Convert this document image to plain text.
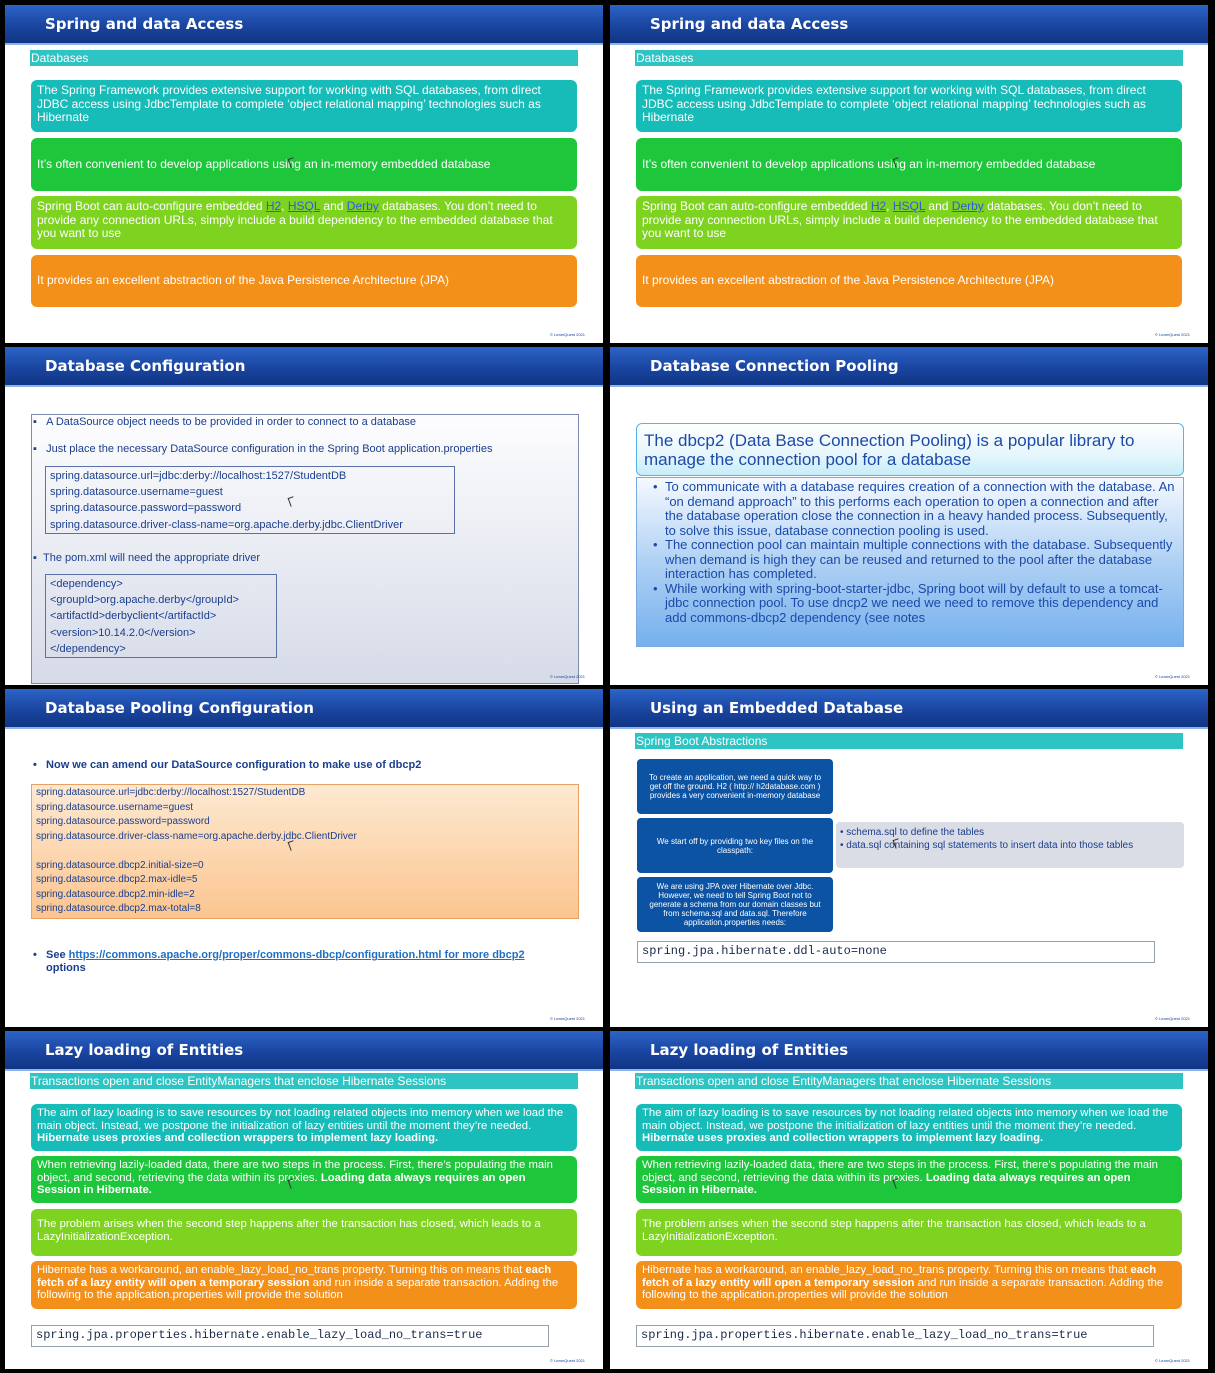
Spring and data Access
Databases
The Spring Framework provides extensive support for working with SQL databases, from direct JDBC access using JdbcTemplate to complete ‘object relational mapping’ technologies such as Hibernate
It’s often convenient to develop applications using an in-memory embedded database
Spring Boot can auto-configure embedded H2, HSQL and Derby databases. You don’t need to provide any connection URLs, simply include a build dependency to the embedded database that you want to use
It provides an excellent abstraction of the Java Persistence Architecture (JPA)
© LearnQuest 2021
Spring and data Access
Databases
The Spring Framework provides extensive support for working with SQL databases, from direct JDBC access using JdbcTemplate to complete ‘object relational mapping’ technologies such as Hibernate
It’s often convenient to develop applications using an in-memory embedded database
Spring Boot can auto-configure embedded H2, HSQL and Derby databases. You don’t need to provide any connection URLs, simply include a build dependency to the embedded database that you want to use
It provides an excellent abstraction of the Java Persistence Architecture (JPA)
© LearnQuest 2021
Database Configuration
▪   A DataSource object needs to be provided in order to connect to a database
▪   Just place the necessary DataSource configuration in the Spring Boot application.properties
spring.datasource.url=jdbc:derby://localhost:1527/StudentDB
spring.datasource.username=guest
spring.datasource.password=password
spring.datasource.driver-class-name=org.apache.derby.jdbc.ClientDriver
▪  The pom.xml will need the appropriate driver
<dependency>
<groupId>org.apache.derby</groupId>
<artifactId>derbyclient</artifactId>
<version>10.14.2.0</version>
</dependency>
© LearnQuest 2021
Database Connection Pooling
The dbcp2 (Data Base Connection Pooling) is a popular library to manage the connection pool for a database

• To communicate with a database requires creation of a connection with the database. An “on demand approach” to this performs each operation to open a connection and after the database operation close the connection in a heavy handed process. Subsequently, to solve this issue, database connection pooling is used.

• The connection pool can maintain multiple connections with the database. Subsequently when demand is high they can be reused and returned to the pool after the database interaction has completed.

• While working with spring-boot-starter-jdbc, Spring boot will by default to use a tomcat-jdbc connection pool. To use dncp2 we need we need to remove this dependency and add commons-dbcp2 dependency (see notes

© LearnQuest 2021
Database Pooling Configuration
•   Now we can amend our DataSource configuration to make use of dbcp2
spring.datasource.url=jdbc:derby://localhost:1527/StudentDB
spring.datasource.username=guest
spring.datasource.password=password
spring.datasource.driver-class-name=org.apache.derby.jdbc.ClientDriver

spring.datasource.dbcp2.initial-size=0
spring.datasource.dbcp2.max-idle=5
spring.datasource.dbcp2.min-idle=2
spring.datasource.dbcp2.max-total=8
•   See https://commons.apache.org/proper/commons-dbcp/configuration.html for more dbcp2
options
© LearnQuest 2021
Using an Embedded Database
Spring Boot Abstractions
To create an application, we need a quick way to get off the ground. H2 ( http:// h2database.com ) provides a very convenient in-memory database
We start off by providing two key files on the classpath:
• schema.sql to define the tables
• data.sql containing sql statements to insert data into those tables
We are using JPA over Hibernate over Jdbc. However, we need to tell Spring Boot not to generate a schema from our domain classes but from schema.sql and data.sql. Therefore application.properties needs:
spring.jpa.hibernate.ddl-auto=none
© LearnQuest 2021
Lazy loading of Entities
Transactions open and close EntityManagers that enclose Hibernate Sessions
The aim of lazy loading is to save resources by not loading related objects into memory when we load the main object. Instead, we postpone the initialization of lazy entities until the moment they’re needed. Hibernate uses proxies and collection wrappers to implement lazy loading.
When retrieving lazily-loaded data, there are two steps in the process. First, there’s populating the main object, and second, retrieving the data within its proxies. Loading data always requires an open Session in Hibernate.
The problem arises when the second step happens after the transaction has closed, which leads to a LazyInitializationException.
Hibernate has a workaround, an enable_lazy_load_no_trans property. Turning this on means that each fetch of a lazy entity will open a temporary session and run inside a separate transaction. Adding the following to the application.properties will provide the solution
spring.jpa.properties.hibernate.enable_lazy_load_no_trans=true
© LearnQuest 2021
Lazy loading of Entities
Transactions open and close EntityManagers that enclose Hibernate Sessions
The aim of lazy loading is to save resources by not loading related objects into memory when we load the main object. Instead, we postpone the initialization of lazy entities until the moment they’re needed. Hibernate uses proxies and collection wrappers to implement lazy loading.
When retrieving lazily-loaded data, there are two steps in the process. First, there’s populating the main object, and second, retrieving the data within its proxies. Loading data always requires an open Session in Hibernate.
The problem arises when the second step happens after the transaction has closed, which leads to a LazyInitializationException.
Hibernate has a workaround, an enable_lazy_load_no_trans property. Turning this on means that each fetch of a lazy entity will open a temporary session and run inside a separate transaction. Adding the following to the application.properties will provide the solution
spring.jpa.properties.hibernate.enable_lazy_load_no_trans=true
© LearnQuest 2021
